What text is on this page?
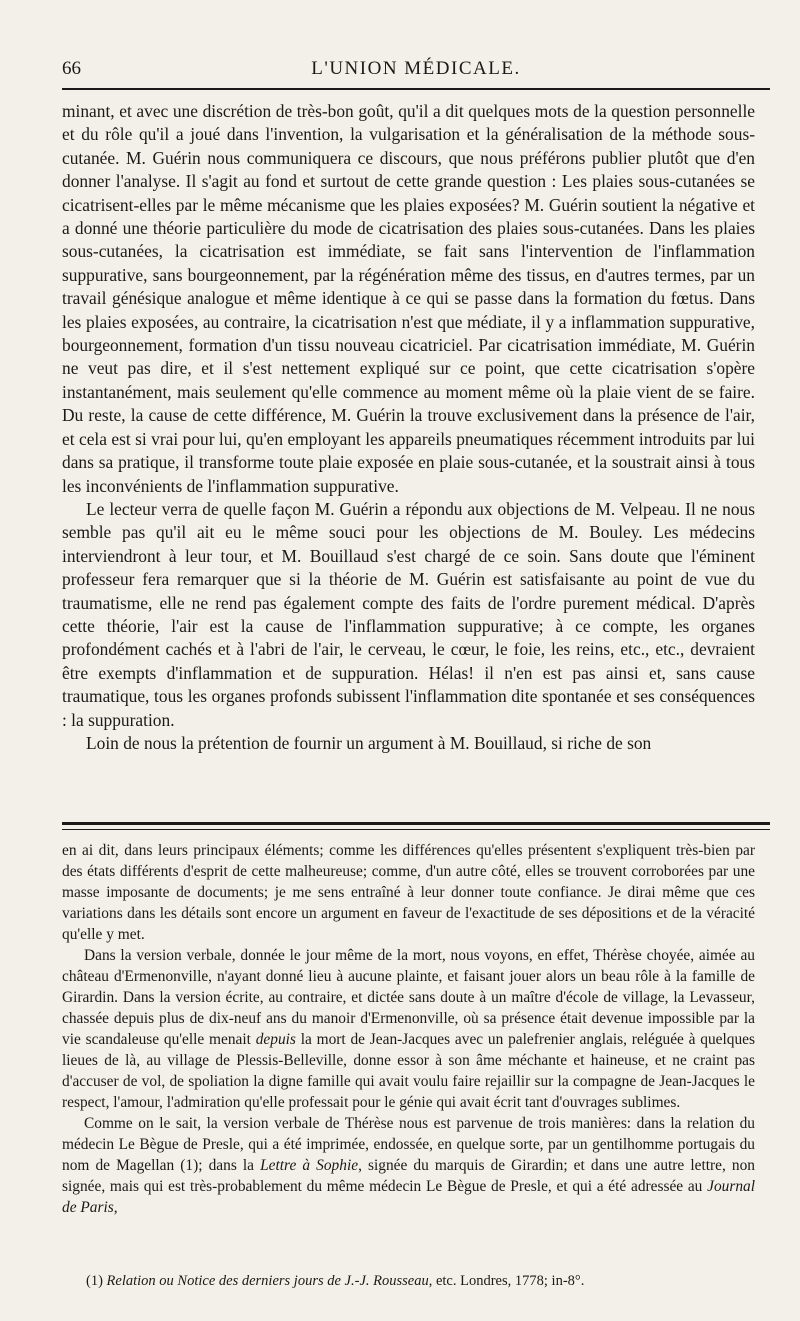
66	L'UNION MÉDICALE.

minant, et avec une discrétion de très-bon goût, qu'il a dit quelques mots de la question personnelle et du rôle qu'il a joué dans l'invention, la vulgarisation et la généralisation de la méthode sous-cutanée. M. Guérin nous communiquera ce discours, que nous préférons publier plutôt que d'en donner l'analyse. Il s'agit au fond et surtout de cette grande question : Les plaies sous-cutanées se cicatrisent-elles par le même mécanisme que les plaies exposées? M. Guérin soutient la négative et a donné une théorie particulière du mode de cicatrisation des plaies sous-cutanées. Dans les plaies sous-cutanées, la cicatrisation est immédiate, se fait sans l'intervention de l'inflammation suppurative, sans bourgeonnement, par la régénération même des tissus, en d'autres termes, par un travail génésique analogue et même identique à ce qui se passe dans la formation du fœtus. Dans les plaies exposées, au contraire, la cicatrisation n'est que médiate, il y a inflammation suppurative, bourgeonnement, formation d'un tissu nouveau cicatriciel. Par cicatrisation immédiate, M. Guérin ne veut pas dire, et il s'est nettement expliqué sur ce point, que cette cicatrisation s'opère instantanément, mais seulement qu'elle commence au moment même où la plaie vient de se faire. Du reste, la cause de cette différence, M. Guérin la trouve exclusivement dans la présence de l'air, et cela est si vrai pour lui, qu'en employant les appareils pneumatiques récemment introduits par lui dans sa pratique, il transforme toute plaie exposée en plaie sous-cutanée, et la soustrait ainsi à tous les inconvénients de l'inflammation suppurative.

Le lecteur verra de quelle façon M. Guérin a répondu aux objections de M. Velpeau. Il ne nous semble pas qu'il ait eu le même souci pour les objections de M. Bouley. Les médecins interviendront à leur tour, et M. Bouillaud s'est chargé de ce soin. Sans doute que l'éminent professeur fera remarquer que si la théorie de M. Guérin est satisfaisante au point de vue du traumatisme, elle ne rend pas également compte des faits de l'ordre purement médical. D'après cette théorie, l'air est la cause de l'inflammation suppurative; à ce compte, les organes profondément cachés et à l'abri de l'air, le cerveau, le cœur, le foie, les reins, etc., etc., devraient être exempts d'inflammation et de suppuration. Hélas! il n'en est pas ainsi et, sans cause traumatique, tous les organes profonds subissent l'inflammation dite spontanée et ses conséquences : la suppuration.

Loin de nous la prétention de fournir un argument à M. Bouillaud, si riche de son

en ai dit, dans leurs principaux éléments; comme les différences qu'elles présentent s'expliquent très-bien par des états différents d'esprit de cette malheureuse; comme, d'un autre côté, elles se trouvent corroborées par une masse imposante de documents; je me sens entraîné à leur donner toute confiance. Je dirai même que ces variations dans les détails sont encore un argument en faveur de l'exactitude de ses dépositions et de la véracité qu'elle y met.

Dans la version verbale, donnée le jour même de la mort, nous voyons, en effet, Thérèse choyée, aimée au château d'Ermenonville, n'ayant donné lieu à aucune plainte, et faisant jouer alors un beau rôle à la famille de Girardin. Dans la version écrite, au contraire, et dictée sans doute à un maître d'école de village, la Levasseur, chassée depuis plus de dix-neuf ans du manoir d'Ermenonville, où sa présence était devenue impossible par la vie scandaleuse qu'elle menait depuis la mort de Jean-Jacques avec un palefrenier anglais, reléguée à quelques lieues de là, au village de Plessis-Belleville, donne essor à son âme méchante et haineuse, et ne craint pas d'accuser de vol, de spoliation la digne famille qui avait voulu faire rejaillir sur la compagne de Jean-Jacques le respect, l'amour, l'admiration qu'elle professait pour le génie qui avait écrit tant d'ouvrages sublimes.

Comme on le sait, la version verbale de Thérèse nous est parvenue de trois manières: dans la relation du médecin Le Bègue de Presle, qui a été imprimée, endossée, en quelque sorte, par un gentilhomme portugais du nom de Magellan (1); dans la Lettre à Sophie, signée du marquis de Girardin; et dans une autre lettre, non signée, mais qui est très-probablement du même médecin Le Bègue de Presle, et qui a été adressée au Journal de Paris,

(1) Relation ou Notice des derniers jours de J.-J. Rousseau, etc. Londres, 1778; in-8°.
